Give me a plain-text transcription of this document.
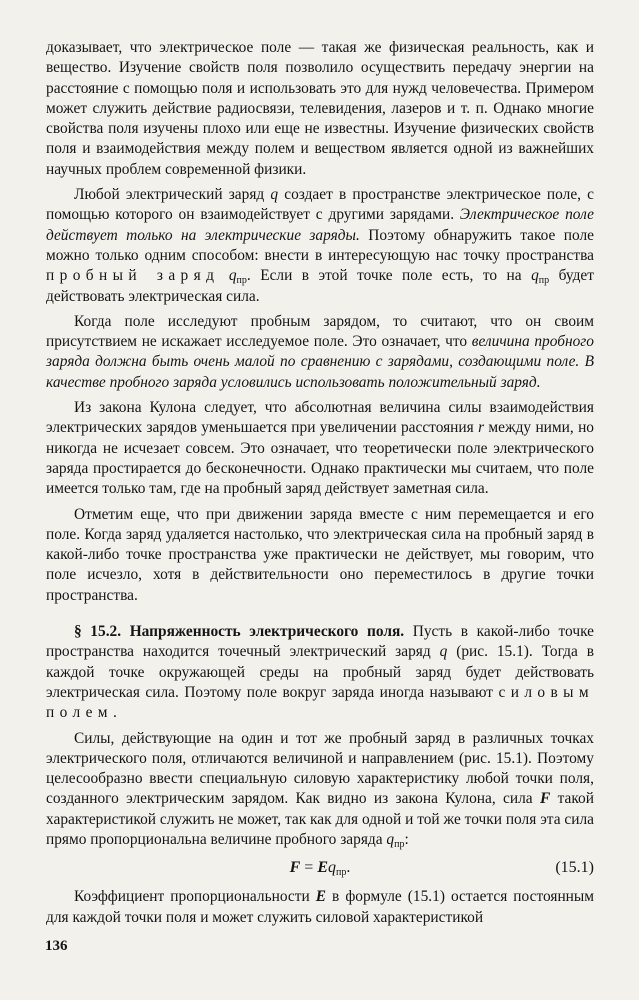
доказывает, что электрическое поле — такая же физическая реальность, как и вещество. Изучение свойств поля позволило осуществить передачу энергии на расстояние с помощью поля и использовать это для нужд человечества. Примером может служить действие радиосвязи, телевидения, лазеров и т. п. Однако многие свойства поля изучены плохо или еще не известны. Изучение физических свойств поля и взаимодействия между полем и веществом является одной из важнейших научных проблем современной физики.

Любой электрический заряд q создает в пространстве электрическое поле, с помощью которого он взаимодействует с другими зарядами. Электрическое поле действует только на электрические заряды. Поэтому обнаружить такое поле можно только одним способом: внести в интересующую нас точку пространства пробный заряд $q_{пр}$. Если в этой точке поле есть, то на $q_{пр}$ будет действовать электрическая сила.

Когда поле исследуют пробным зарядом, то считают, что он своим присутствием не искажает исследуемое поле. Это означает, что величина пробного заряда должна быть очень малой по сравнению с зарядами, создающими поле. В качестве пробного заряда условились использовать положительный заряд.

Из закона Кулона следует, что абсолютная величина силы взаимодействия электрических зарядов уменьшается при увеличении расстояния r между ними, но никогда не исчезает совсем. Это означает, что теоретически поле электрического заряда простирается до бесконечности. Однако практически мы считаем, что поле имеется только там, где на пробный заряд действует заметная сила.

Отметим еще, что при движении заряда вместе с ним перемещается и его поле. Когда заряд удаляется настолько, что электрическая сила на пробный заряд в какой-либо точке пространства уже практически не действует, мы говорим, что поле исчезло, хотя в действительности оно переместилось в другие точки пространства.

§ 15.2. Напряженность электрического поля. Пусть в какой-либо точке пространства находится точечный электрический заряд q (рис. 15.1). Тогда в каждой точке окружающей среды на пробный заряд будет действовать электрическая сила. Поэтому поле вокруг заряда иногда называют силовым полем.

Силы, действующие на один и тот же пробный заряд в различных точках электрического поля, отличаются величиной и направлением (рис. 15.1). Поэтому целесообразно ввести специальную силовую характеристику любой точки поля, созданного электрическим зарядом. Как видно из закона Кулона, сила F такой характеристикой служить не может, так как для одной и той же точки поля эта сила прямо пропорциональна величине пробного заряда $q_{пр}$:

$F = Eq_{пр}$.	(15.1)

Коэффициент пропорциональности E в формуле (15.1) остается постоянным для каждой точки поля и может служить силовой характеристикой

136
